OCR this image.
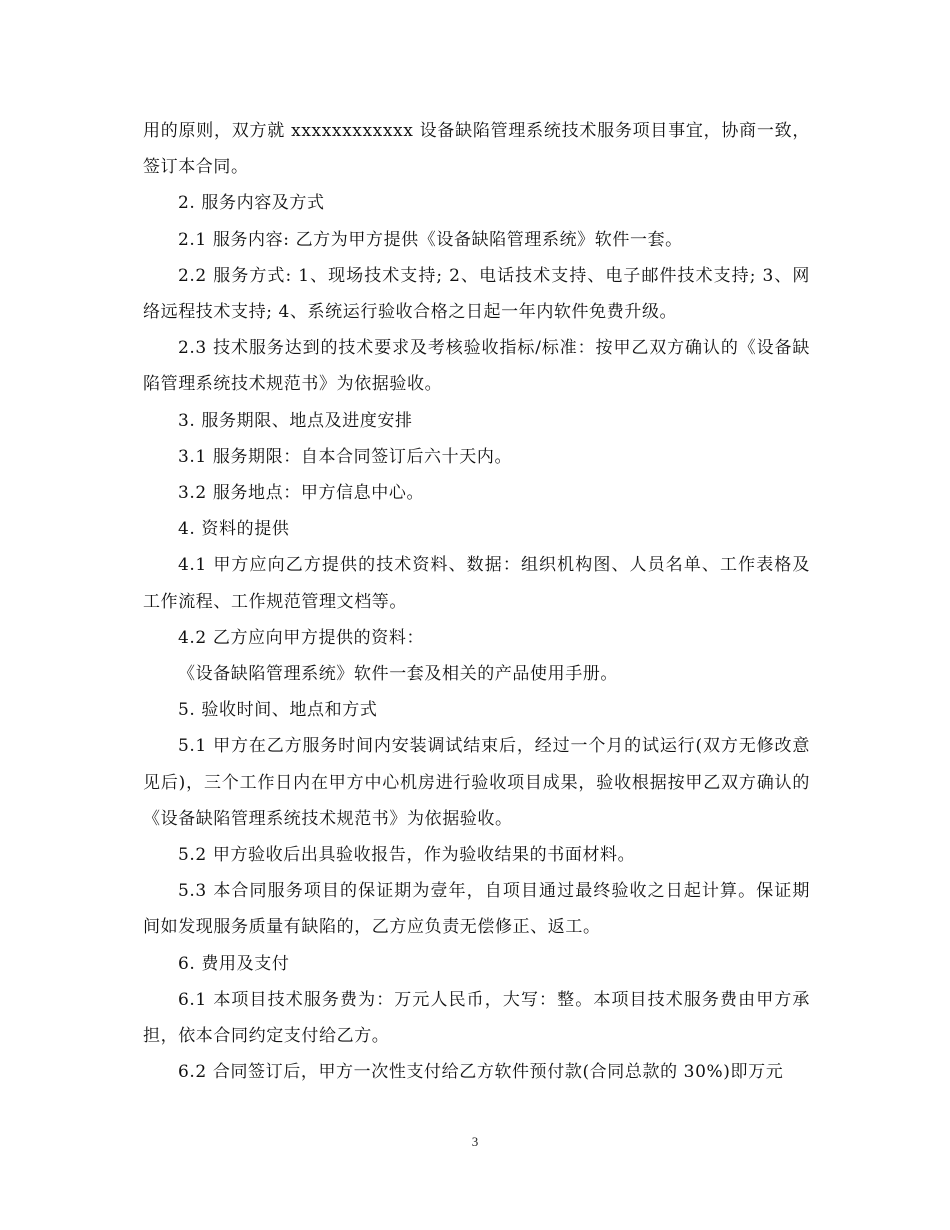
用的原则，双方就 xxxxxxxxxxxx 设备缺陷管理系统技术服务项目事宜，协商一致，签订本合同。

2. 服务内容及方式

2.1 服务内容: 乙方为甲方提供《设备缺陷管理系统》软件一套。

2.2 服务方式: 1、现场技术支持; 2、电话技术支持、电子邮件技术支持; 3、网络远程技术支持; 4、系统运行验收合格之日起一年内软件免费升级。

2.3 技术服务达到的技术要求及考核验收指标/标准：按甲乙双方确认的《设备缺陷管理系统技术规范书》为依据验收。

3. 服务期限、地点及进度安排

3.1 服务期限：自本合同签订后六十天内。

3.2 服务地点：甲方信息中心。

4. 资料的提供

4.1 甲方应向乙方提供的技术资料、数据：组织机构图、人员名单、工作表格及工作流程、工作规范管理文档等。

4.2 乙方应向甲方提供的资料：

《设备缺陷管理系统》软件一套及相关的产品使用手册。

5. 验收时间、地点和方式

5.1 甲方在乙方服务时间内安装调试结束后，经过一个月的试运行(双方无修改意见后)，三个工作日内在甲方中心机房进行验收项目成果，验收根据按甲乙双方确认的《设备缺陷管理系统技术规范书》为依据验收。

5.2 甲方验收后出具验收报告，作为验收结果的书面材料。

5.3 本合同服务项目的保证期为壹年，自项目通过最终验收之日起计算。保证期间如发现服务质量有缺陷的，乙方应负责无偿修正、返工。

6. 费用及支付

6.1 本项目技术服务费为：万元人民币，大写：整。本项目技术服务费由甲方承担，依本合同约定支付给乙方。

6.2 合同签订后，甲方一次性支付给乙方软件预付款(合同总款的 30%)即万元

3
